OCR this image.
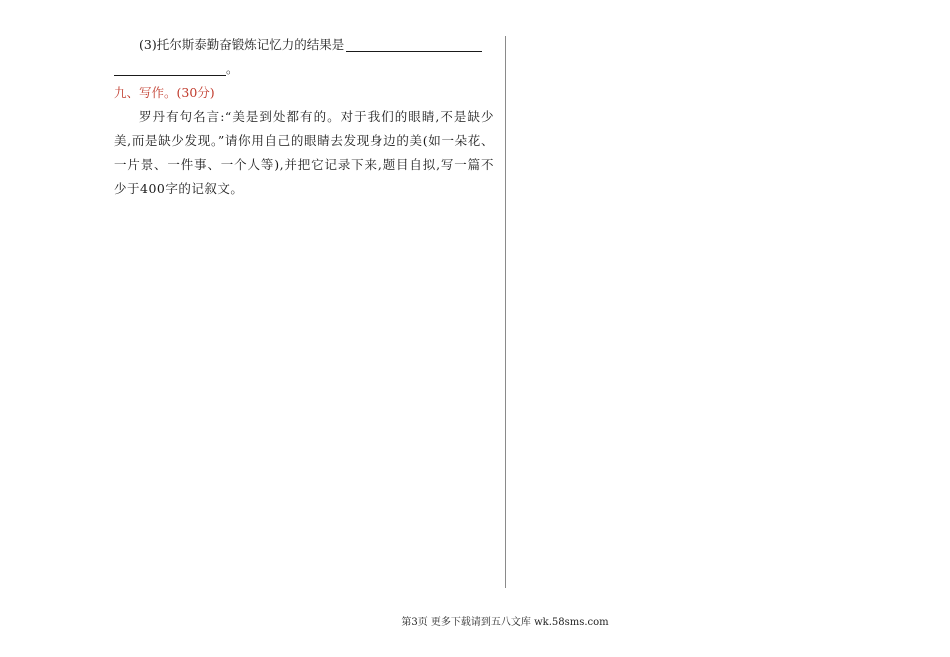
(3)托尔斯泰勤奋锻炼记忆力的结果是
。
九、写作。(30分)
罗丹有句名言:“美是到处都有的。对于我们的眼睛,不是缺少美,而是缺少发现。”请你用自己的眼睛去发现身边的美(如一朵花、一片景、一件事、一个人等),并把它记录下来,题目自拟,写一篇不少于400字的记叙文。
第3页 更多下载请到五八文库 wk.58sms.com
